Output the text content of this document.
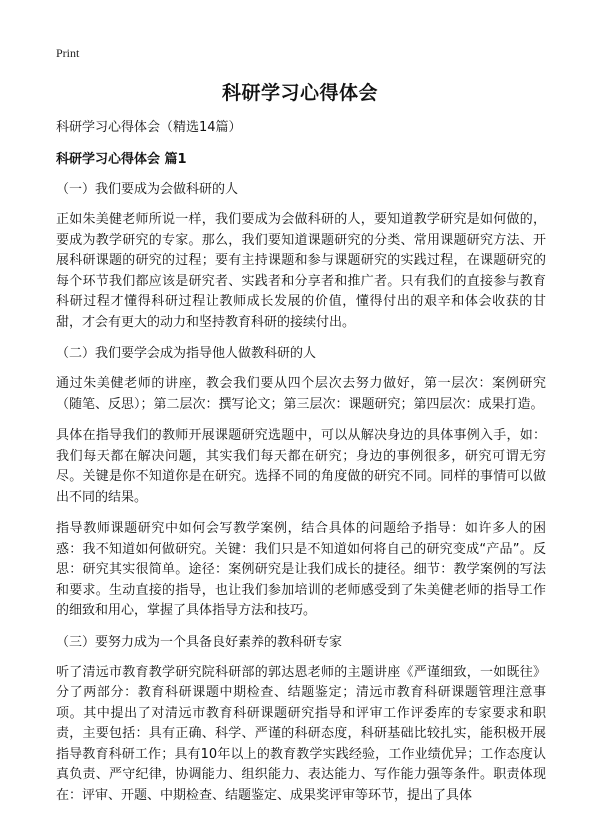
Print
科研学习心得体会

科研学习心得体会（精选14篇）

科研学习心得体会 篇1

（一）我们要成为会做科研的人

正如朱美健老师所说一样，我们要成为会做科研的人，要知道教学研究是如何做的，要成为教学研究的专家。那么，我们要知道课题研究的分类、常用课题研究方法、开展科研课题的研究的过程；要有主持课题和参与课题研究的实践过程，在课题研究的每个环节我们都应该是研究者、实践者和分享者和推广者。只有我们的直接参与教育科研过程才懂得科研过程让教师成长发展的价值，懂得付出的艰辛和体会收获的甘甜，才会有更大的动力和坚持教育科研的接续付出。

（二）我们要学会成为指导他人做教科研的人

通过朱美健老师的讲座，教会我们要从四个层次去努力做好，第一层次：案例研究（随笔、反思）；第二层次：撰写论文；第三层次：课题研究；第四层次：成果打造。

具体在指导我们的教师开展课题研究选题中，可以从解决身边的具体事例入手，如：我们每天都在解决问题，其实我们每天都在研究；身边的事例很多，研究可谓无穷尽。关键是你不知道你是在研究。选择不同的角度做的研究不同。同样的事情可以做出不同的结果。

指导教师课题研究中如何会写教学案例，结合具体的问题给予指导：如许多人的困惑：我不知道如何做研究。关键：我们只是不知道如何将自己的研究变成“产品”。反思：研究其实很简单。途径：案例研究是让我们成长的捷径。细节：教学案例的写法和要求。生动直接的指导，也让我们参加培训的老师感受到了朱美健老师的指导工作的细致和用心，掌握了具体指导方法和技巧。

（三）要努力成为一个具备良好素养的教科研专家

听了清远市教育教学研究院科研部的郭达恩老师的主题讲座《严谨细致，一如既往》分了两部分：教育科研课题中期检查、结题鉴定；清远市教育科研课题管理注意事项。其中提出了对清远市教育科研课题研究指导和评审工作评委库的专家要求和职责，主要包括：具有正确、科学、严谨的科研态度，科研基础比较扎实，能积极开展指导教育科研工作；具有10年以上的教育教学实践经验，工作业绩优异；工作态度认真负责、严守纪律，协调能力、组织能力、表达能力、写作能力强等条件。职责体现在：评审、开题、中期检查、结题鉴定、成果奖评审等环节，提出了具体
